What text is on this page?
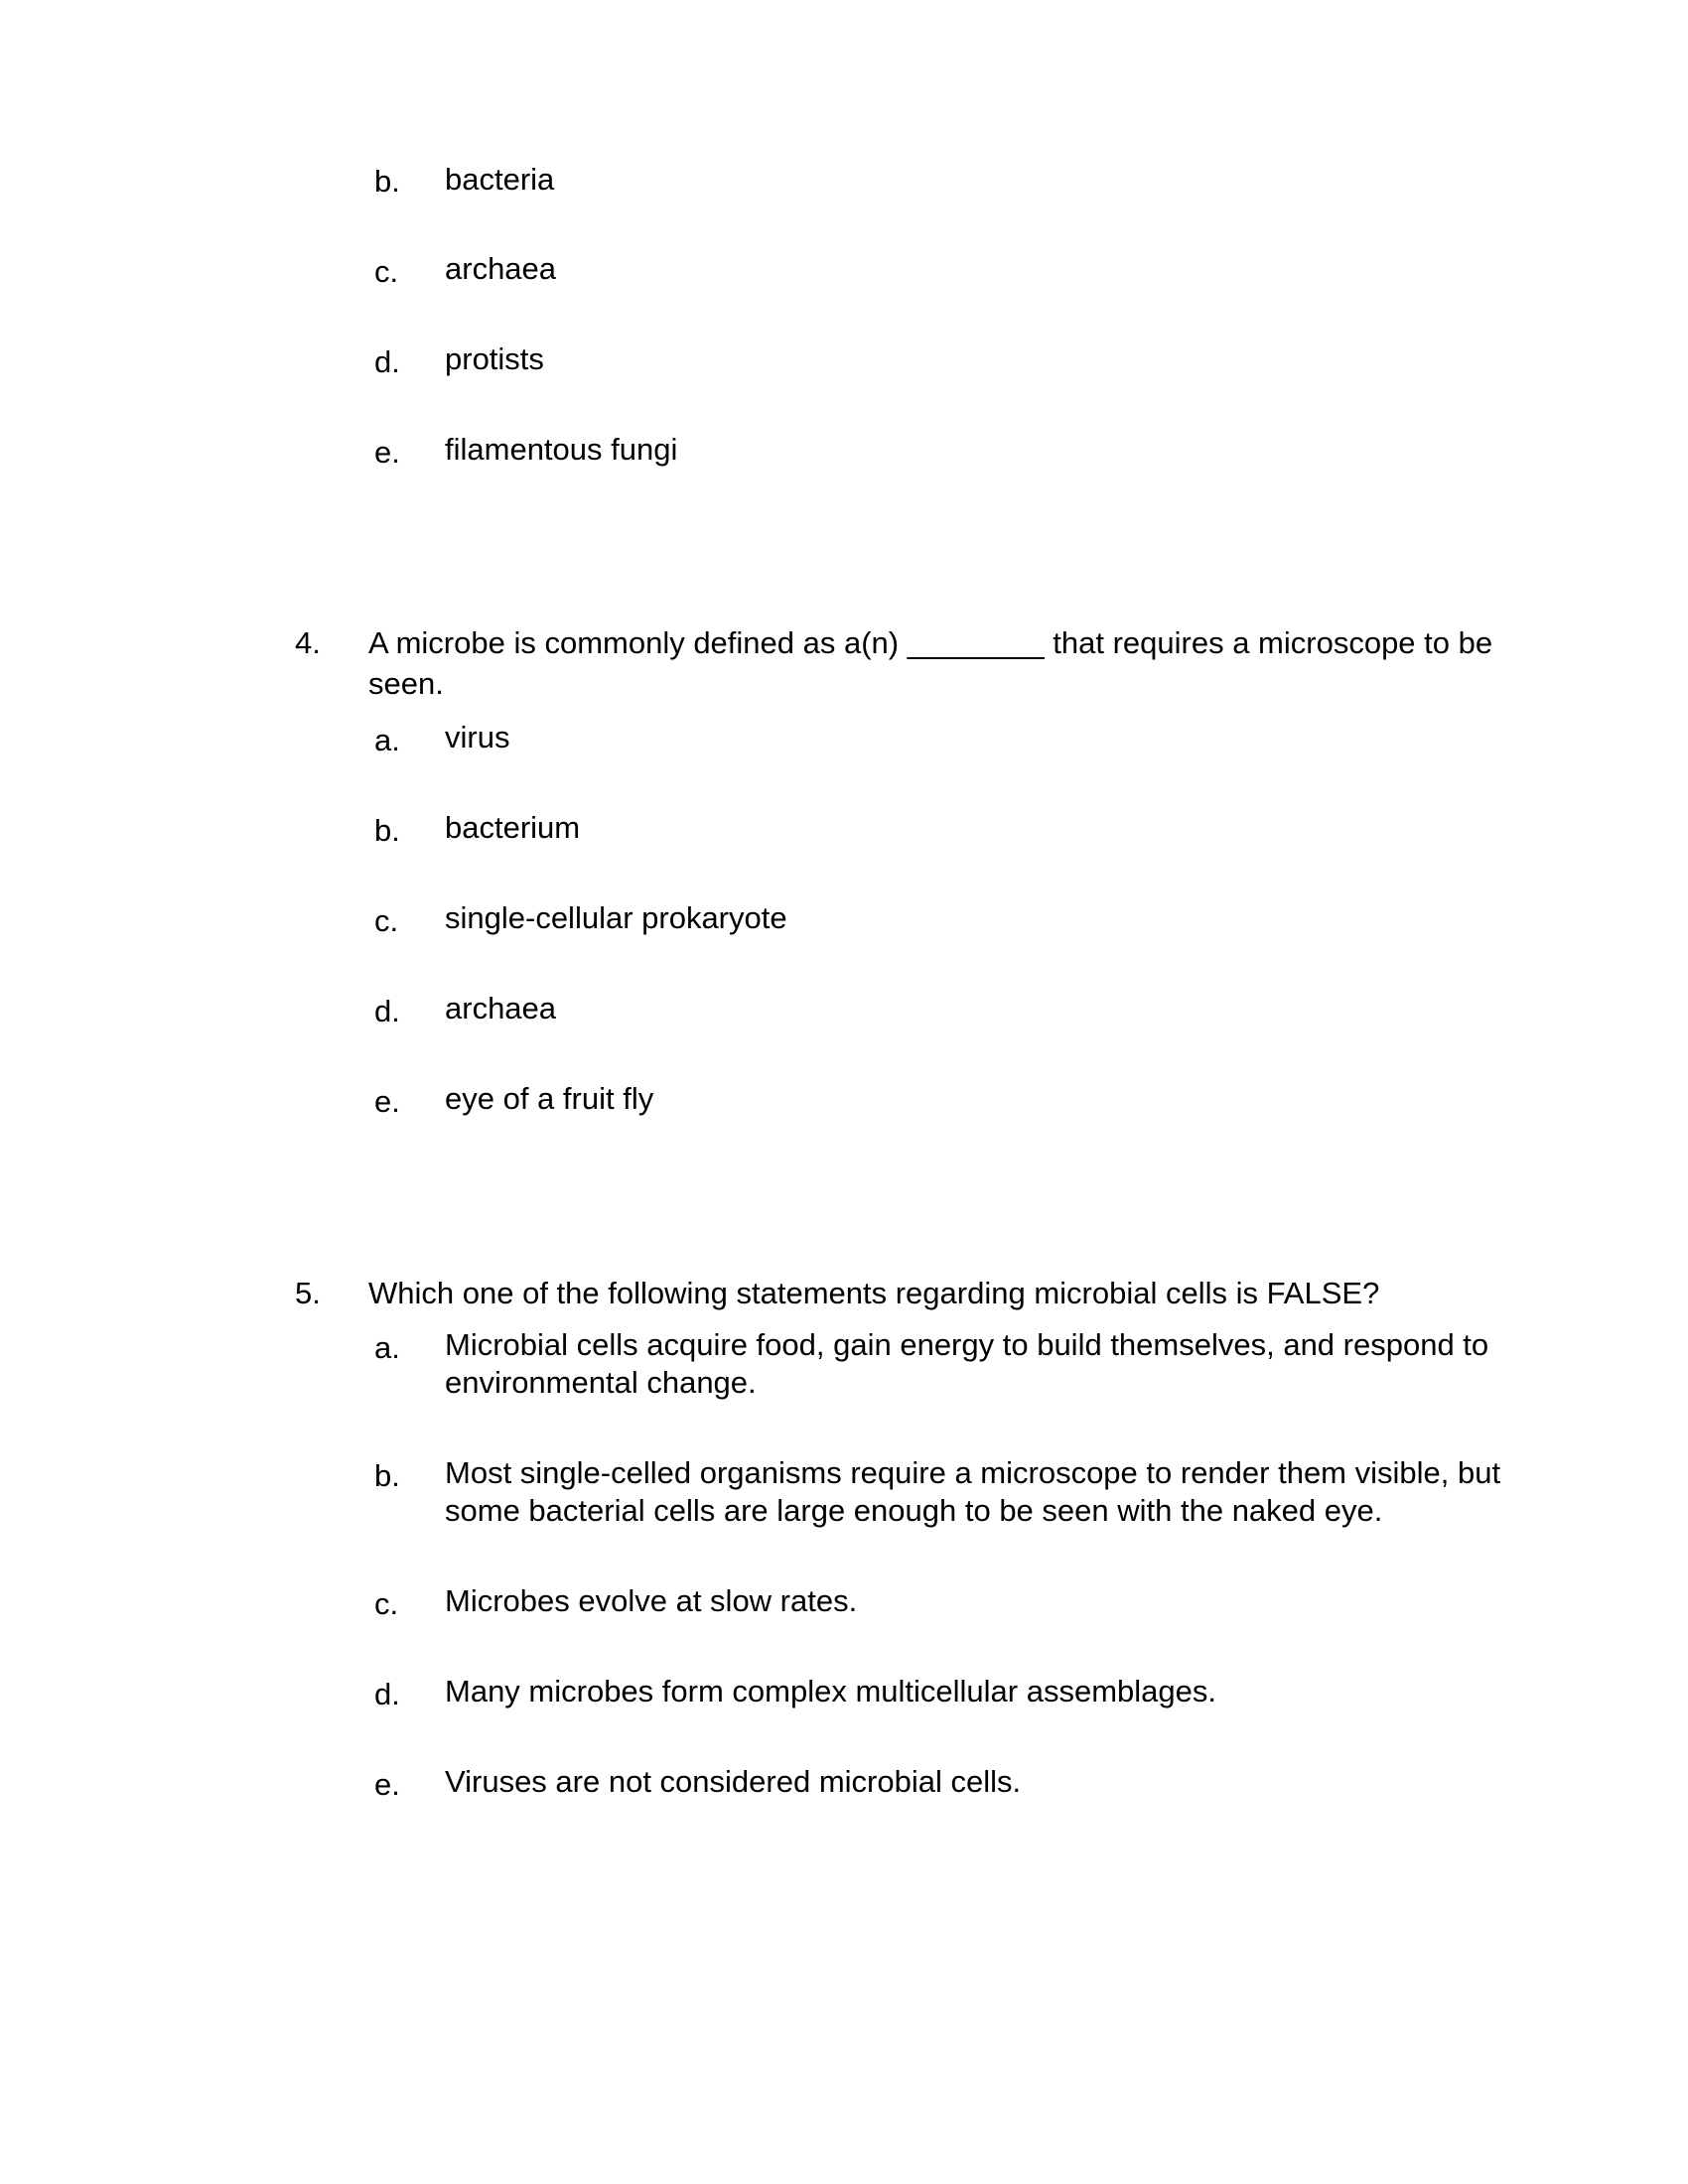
b. bacteria
c. archaea
d. protists
e. filamentous fungi
4. A microbe is commonly defined as a(n) ________ that requires a microscope to be
seen.
a. virus
b. bacterium
c. single-cellular prokaryote
d. archaea
e. eye of a fruit fly
5. Which one of the following statements regarding microbial cells is FALSE?
a. Microbial cells acquire food, gain energy to build themselves, and respond to
environmental change.
b. Most single-celled organisms require a microscope to render them visible, but
some bacterial cells are large enough to be seen with the naked eye.
c. Microbes evolve at slow rates.
d. Many microbes form complex multicellular assemblages.
e. Viruses are not considered microbial cells.
